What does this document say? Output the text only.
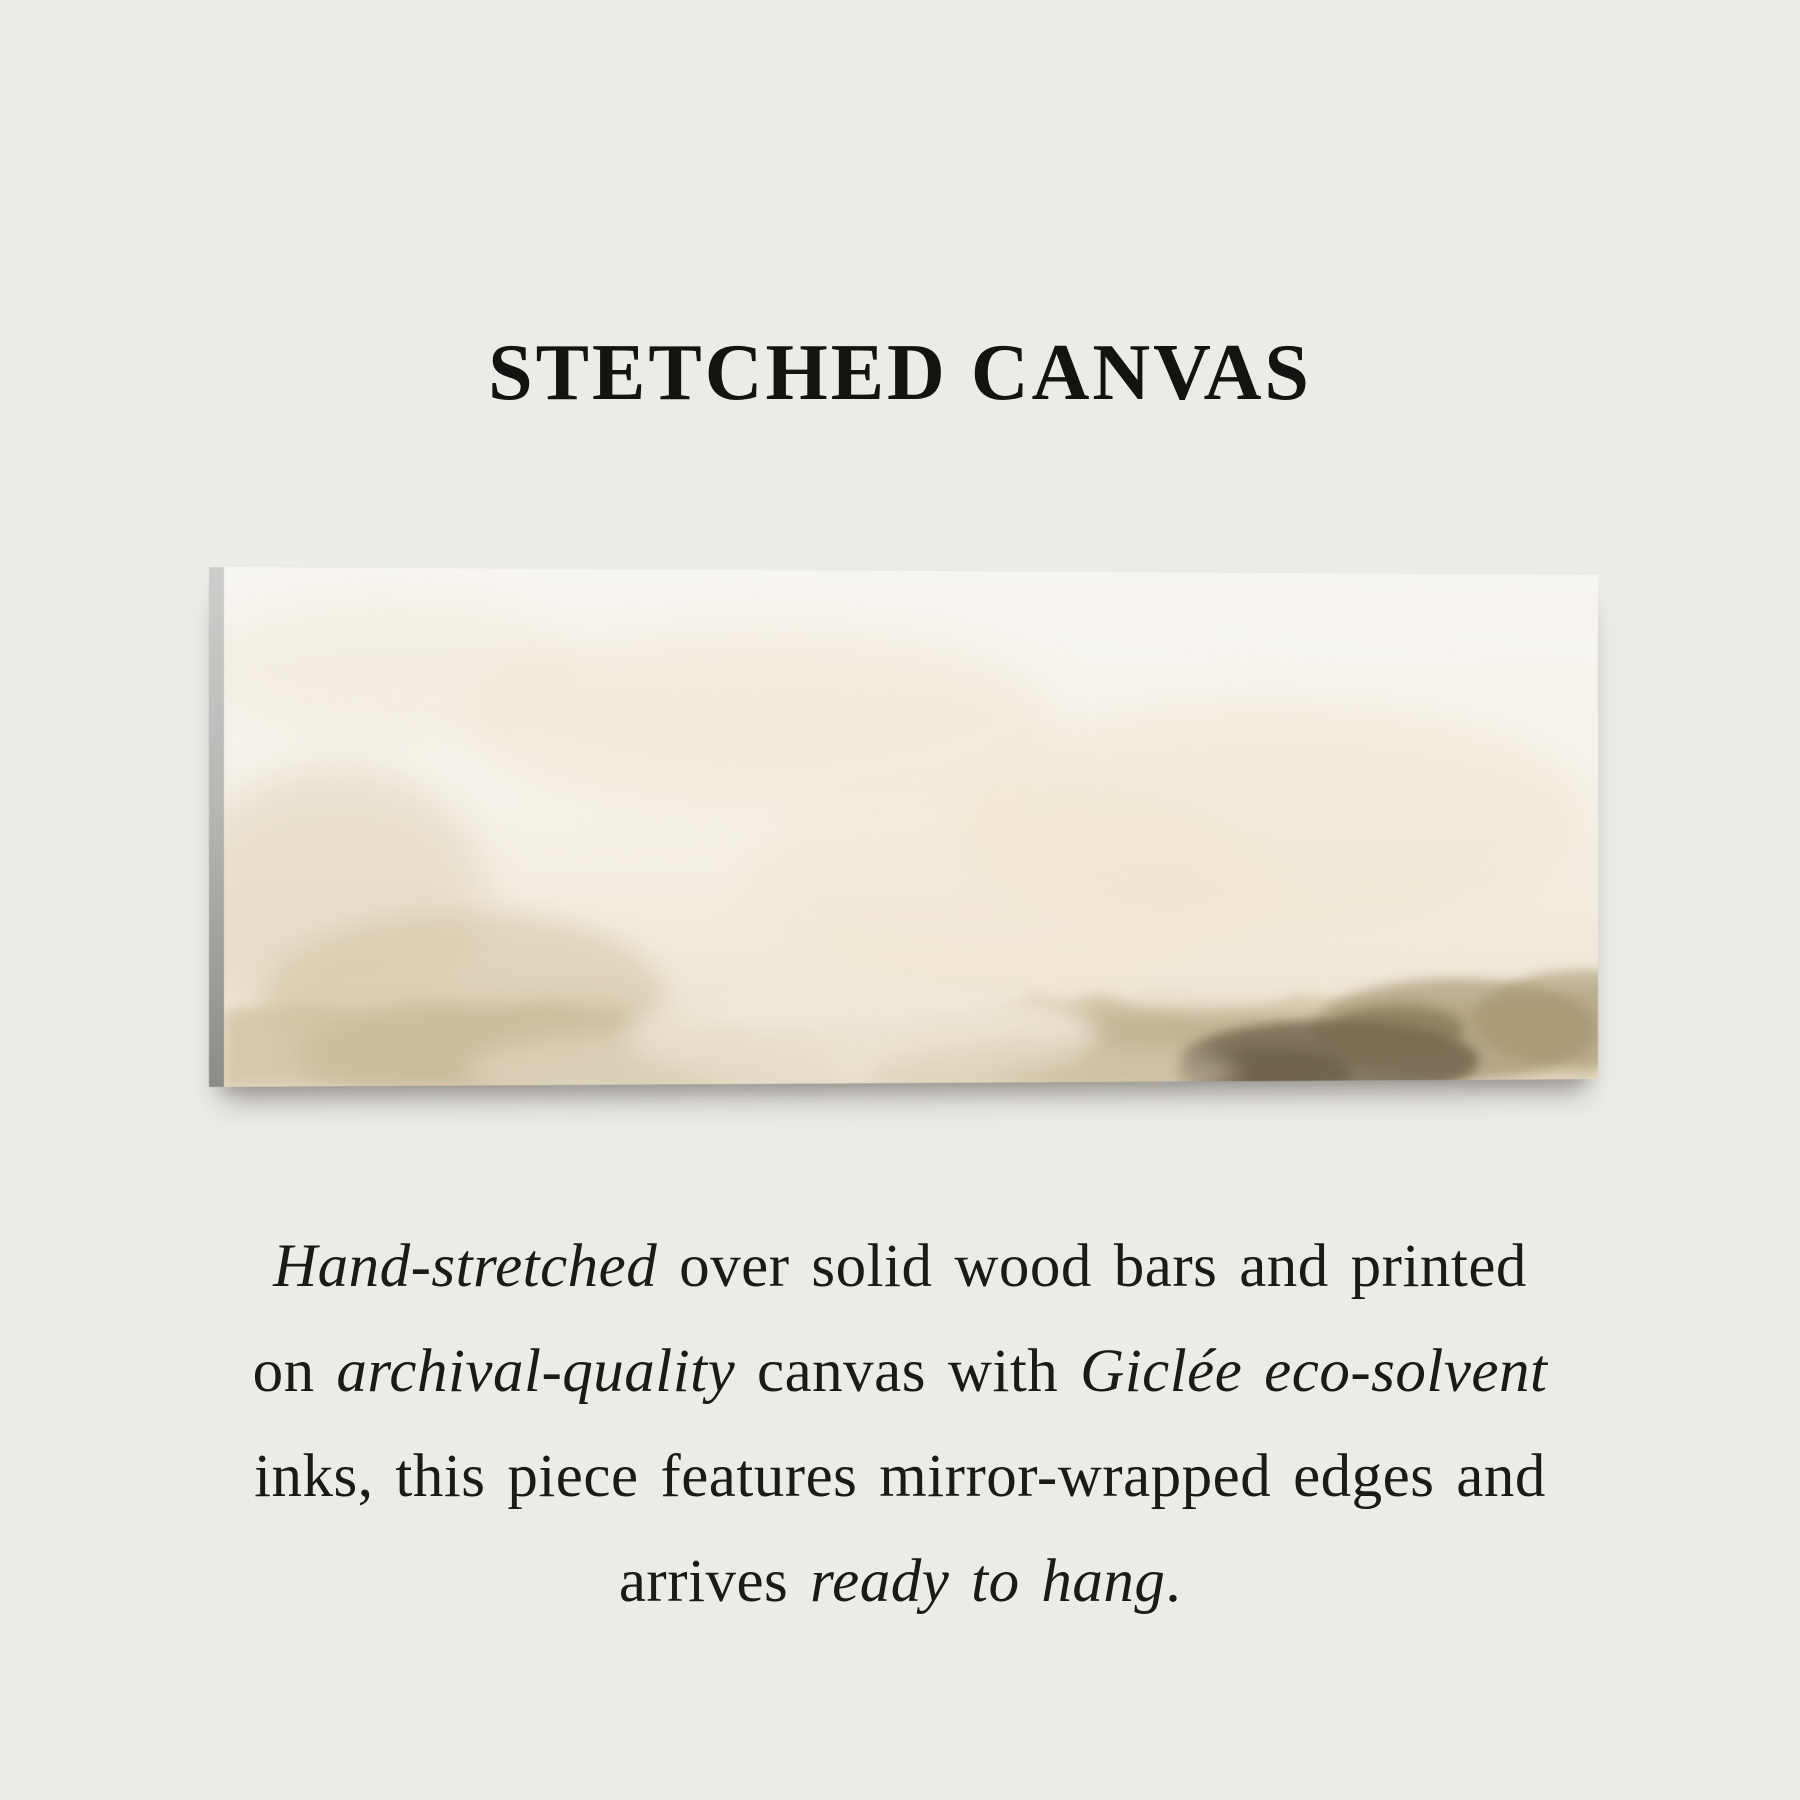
STETCHED CANVAS

Hand-stretched over solid wood bars and printed
on archival-quality canvas with Giclée eco-solvent
inks, this piece features mirror-wrapped edges and
arrives ready to hang.
